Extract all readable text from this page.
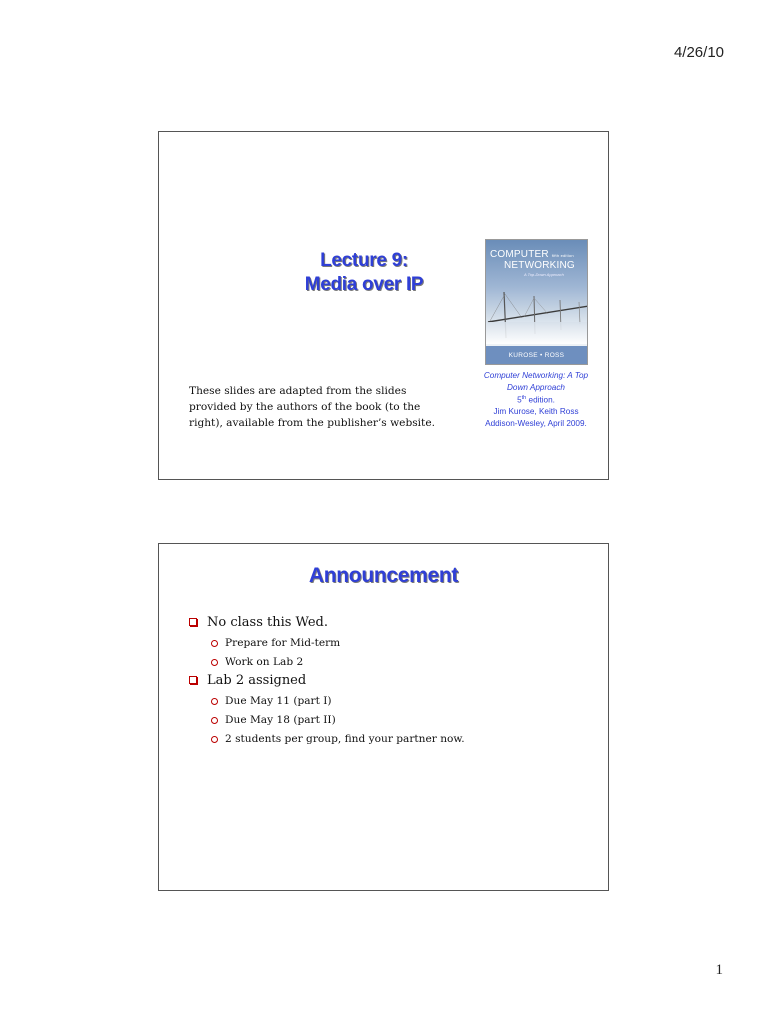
4/26/10
Lecture 9:
Media over IP
These slides are adapted from the slides provided by the authors of the book (to the right), available from the publisher’s website.
COMPUTER fifth edition
NETWORKING
A Top-Down Approach
KUROSE • ROSS
Computer Networking: A Top
Down Approach
5th edition.
Jim Kurose, Keith Ross
Addison-Wesley, April 2009.
Announcement
No class this Wed.
Prepare for Mid-term
Work on Lab 2
Lab 2 assigned
Due May 11 (part I)
Due May 18 (part II)
2 students per group, find your partner now.
1
